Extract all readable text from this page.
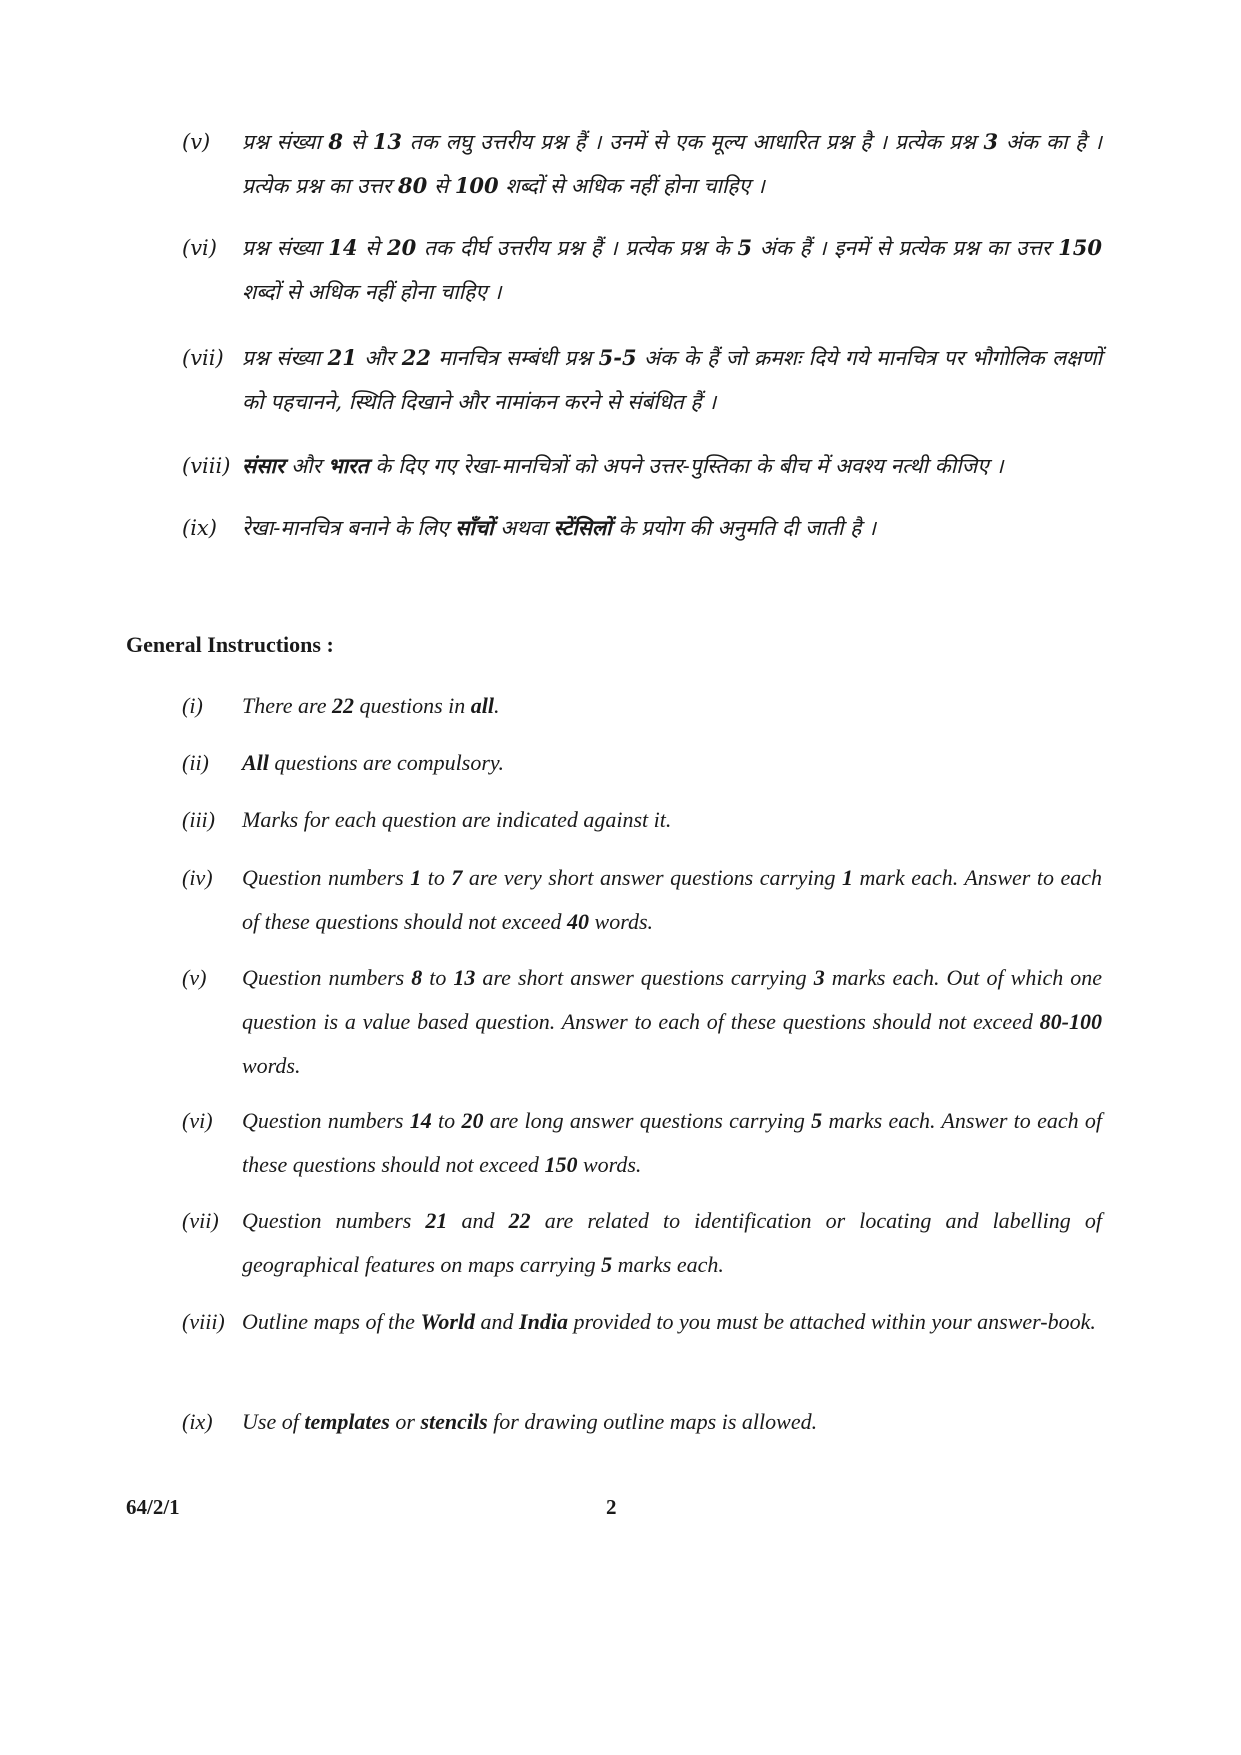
(v)	प्रश्न संख्या 8 से 13 तक लघु उत्तरीय प्रश्न हैं । उनमें से एक मूल्य आधारित प्रश्न है । प्रत्येक प्रश्न 3 अंक का है । प्रत्येक प्रश्न का उत्तर 80 से 100 शब्दों से अधिक नहीं होना चाहिए ।
(vi)	प्रश्न संख्या 14 से 20 तक दीर्घ उत्तरीय प्रश्न हैं । प्रत्येक प्रश्न के 5 अंक हैं । इनमें से प्रत्येक प्रश्न का उत्तर 150 शब्दों से अधिक नहीं होना चाहिए ।
(vii) प्रश्न संख्या 21 और 22 मानचित्र सम्बंधी प्रश्न 5-5 अंक के हैं जो क्रमशः दिये गये मानचित्र पर भौगोलिक लक्षणों को पहचानने, स्थिति दिखाने और नामांकन करने से संबंधित हैं ।
(viii) संसार और भारत के दिए गए रेखा-मानचित्रों को अपने उत्तर-पुस्तिका के बीच में अवश्य नत्थी कीजिए ।
(ix)	रेखा-मानचित्र बनाने के लिए साँचों अथवा स्टेंसिलों के प्रयोग की अनुमति दी जाती है ।
General Instructions :
(i)	There are 22 questions in all.
(ii)	All questions are compulsory.
(iii)	Marks for each question are indicated against it.
(iv)	Question numbers 1 to 7 are very short answer questions carrying 1 mark each. Answer to each of these questions should not exceed 40 words.
(v)	Question numbers 8 to 13 are short answer questions carrying 3 marks each. Out of which one question is a value based question. Answer to each of these questions should not exceed 80-100 words.
(vi)	Question numbers 14 to 20 are long answer questions carrying 5 marks each. Answer to each of these questions should not exceed 150 words.
(vii)	Question numbers 21 and 22 are related to identification or locating and labelling of geographical features on maps carrying 5 marks each.
(viii) Outline maps of the World and India provided to you must be attached within your answer-book.
(ix)	Use of templates or stencils for drawing outline maps is allowed.
64/2/1	2
